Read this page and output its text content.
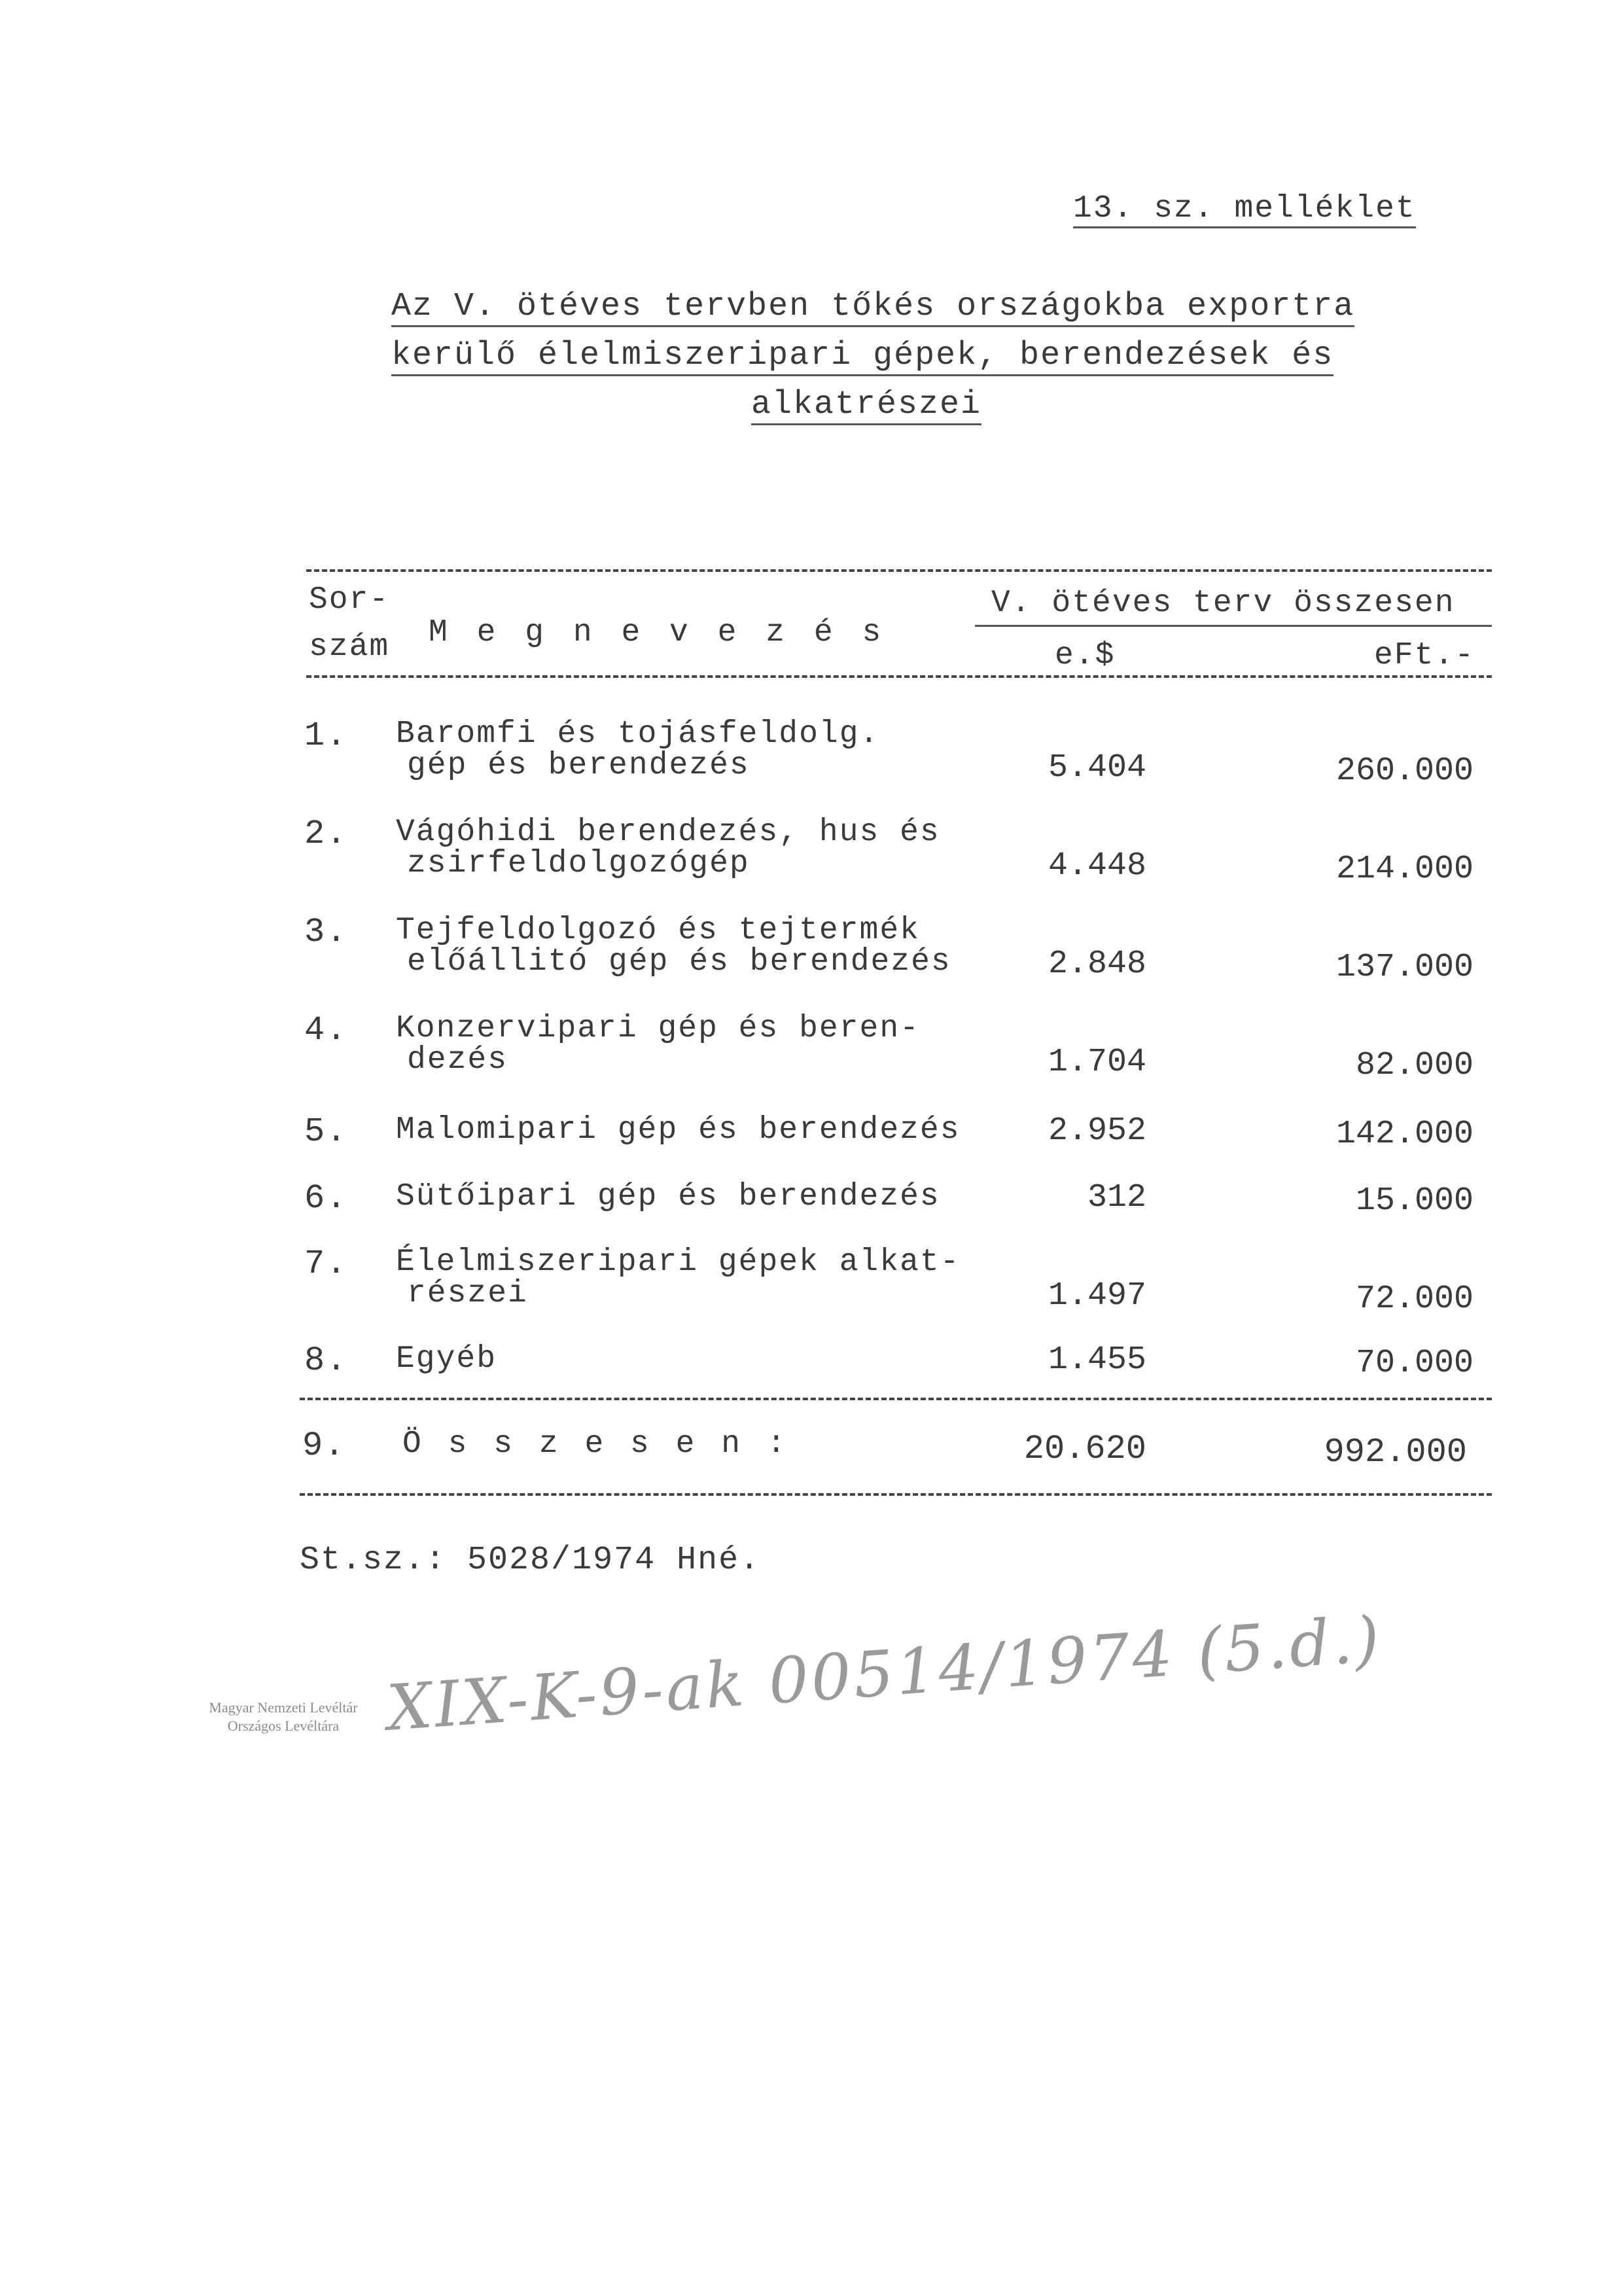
13. sz. melléklet
Az V. ötéves tervben tőkés országokba exportra
kerülő élelmiszeripari gépek, berendezések és
alkatrészei
Sor-
szám M e g n e v e z é s
V. ötéves terv összesen
e.$	eFt.-
1. Baromfi és tojásfeldolg.
gép és berendezés	5.404	260.000
2. Vágóhidi berendezés, hus és
zsirfeldolgozógép	4.448	214.000
3. Tejfeldolgozó és tejtermék
előállitó gép és berendezés	2.848	137.000
4. Konzervipari gép és beren-
dezés	1.704	82.000
5. Malomipari gép és berendezés	2.952	142.000
6. Sütőipari gép és berendezés	312	15.000
7. Élelmiszeripari gépek alkat-
részei	1.497	72.000
8. Egyéb	1.455	70.000
9. Ö s s z e s e n :	20.620	992.000
St.sz.: 5028/1974 Hné.
Magyar Nemzeti Levéltár
Országos Levéltára XIX-K-9-ak 00514/1974 (5.d.)
